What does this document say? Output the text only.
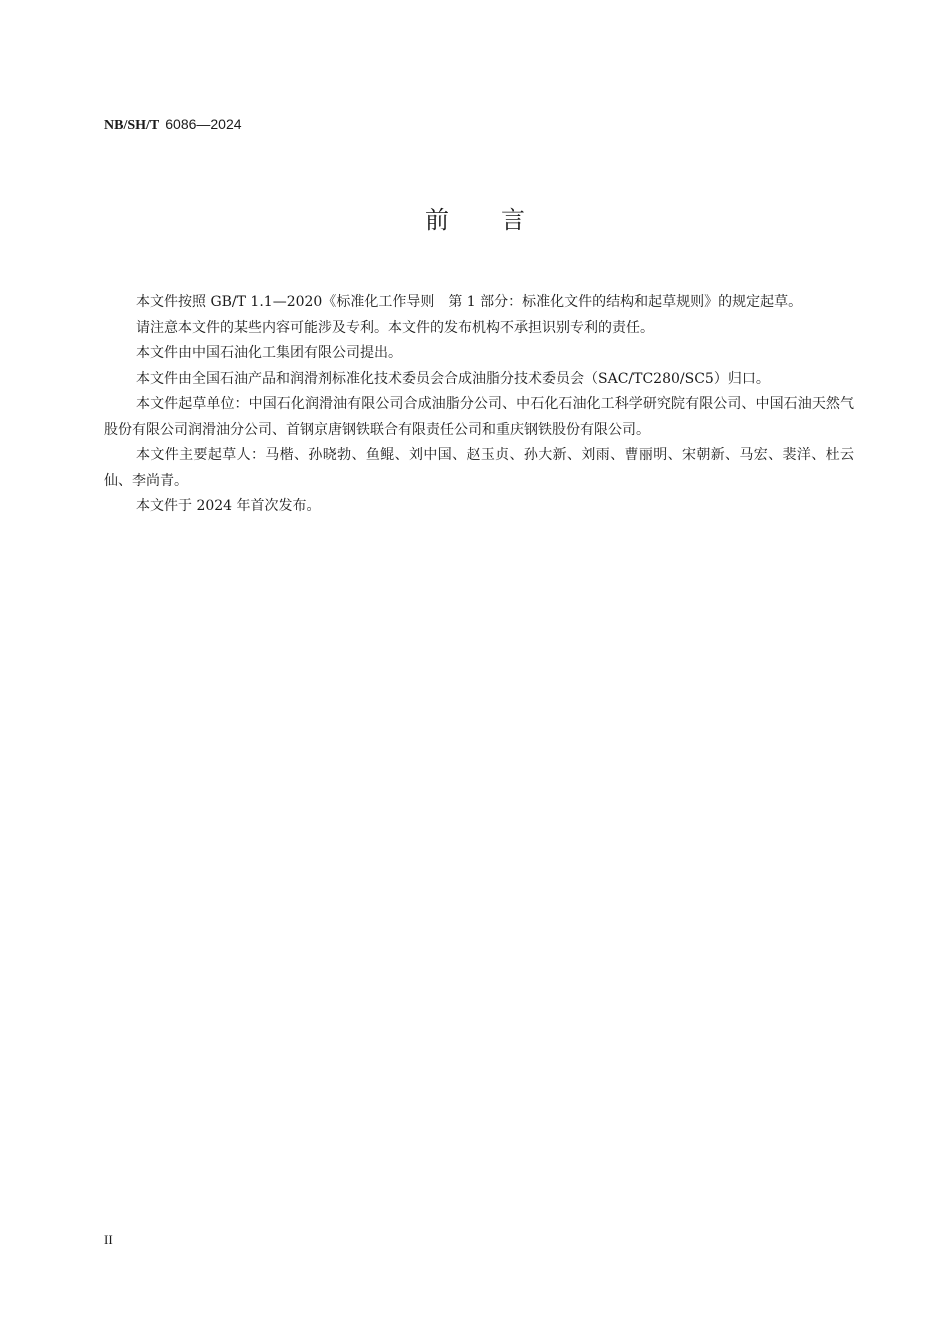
NB/SH/T 6086—2024
前言

本文件按照 GB/T 1.1—2020《标准化工作导则　第 1 部分：标准化文件的结构和起草规则》的规定起草。

请注意本文件的某些内容可能涉及专利。本文件的发布机构不承担识别专利的责任。

本文件由中国石油化工集团有限公司提出。

本文件由全国石油产品和润滑剂标准化技术委员会合成油脂分技术委员会（SAC/TC280/SC5）归口。

本文件起草单位：中国石化润滑油有限公司合成油脂分公司、中石化石油化工科学研究院有限公司、中国石油天然气股份有限公司润滑油分公司、首钢京唐钢铁联合有限责任公司和重庆钢铁股份有限公司。

本文件主要起草人：马楷、孙晓勃、鱼鲲、刘中国、赵玉贞、孙大新、刘雨、曹丽明、宋朝新、马宏、裴洋、杜云仙、李尚青。

本文件于 2024 年首次发布。

II
